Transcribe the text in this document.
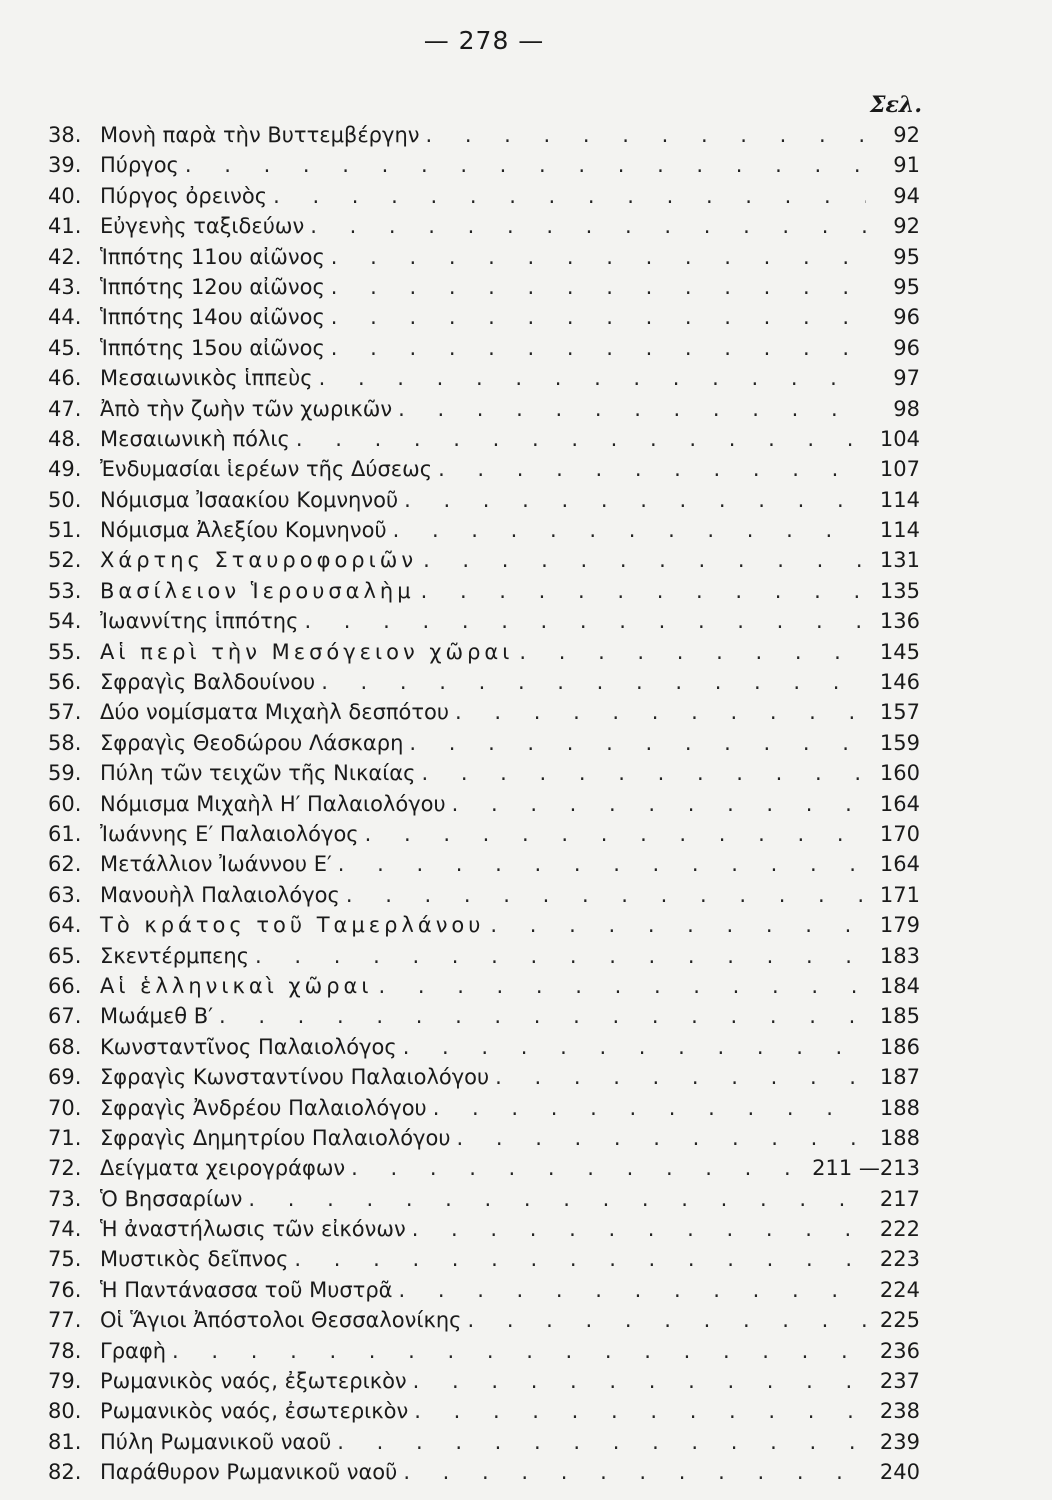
— 278 —
Σελ.
38. Μονὴ παρὰ τὴν Βυττεμβέργην . . .	92
39. Πύργος . . .	91
40. Πύργος ὀρεινὸς . . .	94
41. Εὐγενὴς ταξιδεύων . . .	92
42. Ἱππότης 11ου αἰῶνος . . .	95
43. Ἱππότης 12ου αἰῶνος . . .	95
44. Ἱππότης 14ου αἰῶνος . . .	96
45. Ἱππότης 15ου αἰῶνος . . .	96
46. Μεσαιωνικὸς ἱππεὺς . . .	97
47. Ἀπὸ τὴν ζωὴν τῶν χωρικῶν . . .	98
48. Μεσαιωνικὴ πόλις . . .	104
49. Ἐνδυμασίαι ἱερέων τῆς Δύσεως . . .	107
50. Νόμισμα Ἰσαακίου Κομνηνοῦ . . .	114
51. Νόμισμα Ἀλεξίου Κομνηνοῦ . . .	114
52. Χάρτης Σταυροφοριῶν . . .	131
53. Βασίλειον Ἱερουσαλὴμ . . .	135
54. Ἰωαννίτης ἱππότης . . .	136
55. Αἱ περὶ τὴν Μεσόγειον χῶραι . . .	145
56. Σφραγὶς Βαλδουίνου . . .	146
57. Δύο νομίσματα Μιχαὴλ δεσπότου . . .	157
58. Σφραγὶς Θεοδώρου Λάσκαρη . . .	159
59. Πύλη τῶν τειχῶν τῆς Νικαίας . . .	160
60. Νόμισμα Μιχαὴλ Η′ Παλαιολόγου . . .	164
61. Ἰωάννης Ε′ Παλαιολόγος . . .	170
62. Μετάλλιον Ἰωάννου Ε′ . . .	164
63. Μανουὴλ Παλαιολόγος . . .	171
64. Τὸ κράτος τοῦ Ταμερλάνου . . .	179
65. Σκεντέρμπεης . . .	183
66. Αἱ ἑλληνικαὶ χῶραι . . .	184
67. Μωάμεθ Β′ . . .	185
68. Κωνσταντῖνος Παλαιολόγος . . .	186
69. Σφραγὶς Κωνσταντίνου Παλαιολόγου . . .	187
70. Σφραγὶς Ἀνδρέου Παλαιολόγου . . .	188
71. Σφραγὶς Δημητρίου Παλαιολόγου . . .	188
72. Δείγματα χειρογράφων . . .	211 —213
73. Ὁ Βησσαρίων . . .	217
74. Ἡ ἀναστήλωσις τῶν εἰκόνων . . .	222
75. Μυστικὸς δεῖπνος . . .	223
76. Ἡ Παντάνασσα τοῦ Μυστρᾶ . . .	224
77. Οἱ Ἅγιοι Ἀπόστολοι Θεσσαλονίκης . . .	225
78. Γραφὴ . . .	236
79. Ρωμανικὸς ναός, ἐξωτερικὸν . . .	237
80. Ρωμανικὸς ναός, ἐσωτερικὸν . . .	238
81. Πύλη Ρωμανικοῦ ναοῦ . . .	239
82. Παράθυρον Ρωμανικοῦ ναοῦ . . .	240
